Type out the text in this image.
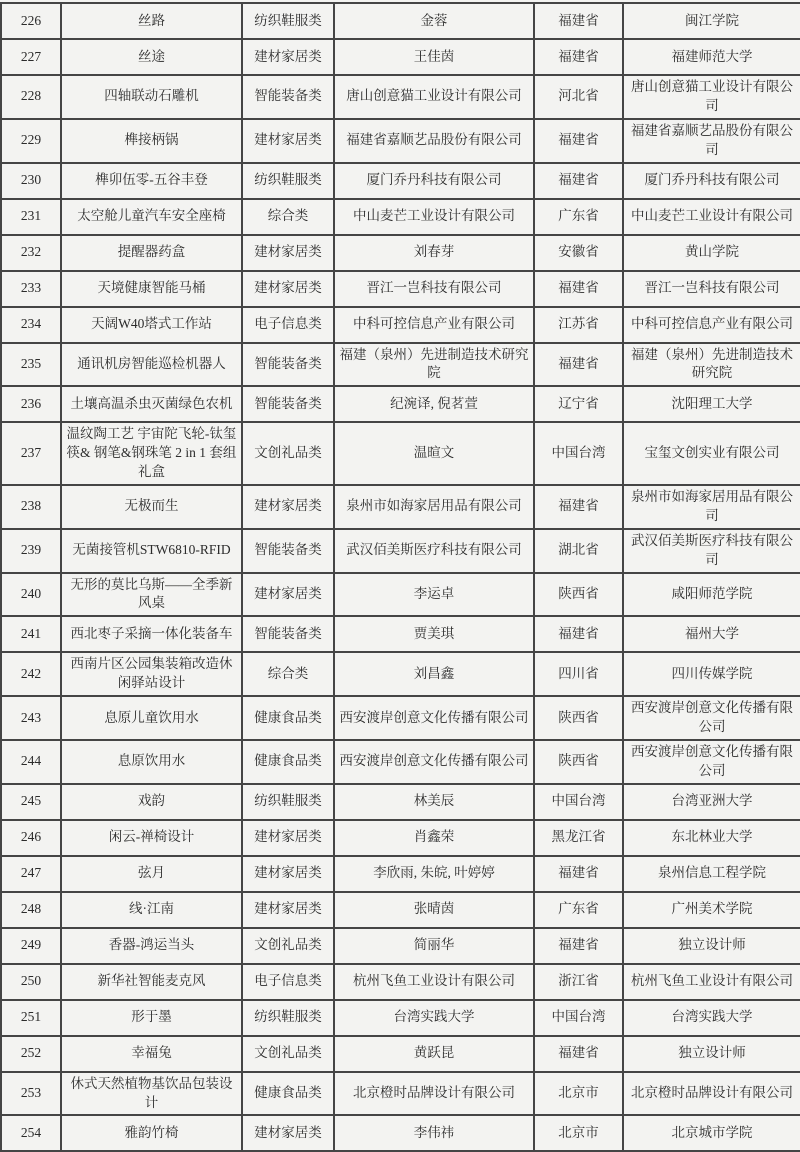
226	丝路	纺织鞋服类	金蓉	福建省	闽江学院
227	丝途	建材家居类	王佳茵	福建省	福建师范大学
228	四轴联动石雕机	智能装备类	唐山创意猫工业设计有限公司	河北省	唐山创意猫工业设计有限公司
229	榫接柄锅	建材家居类	福建省嘉顺艺品股份有限公司	福建省	福建省嘉顺艺品股份有限公司
230	榫卯伍零-五谷丰登	纺织鞋服类	厦门乔丹科技有限公司	福建省	厦门乔丹科技有限公司
231	太空舱儿童汽车安全座椅	综合类	中山麦芒工业设计有限公司	广东省	中山麦芒工业设计有限公司
232	提醒器药盒	建材家居类	刘春芽	安徽省	黄山学院
233	天境健康智能马桶	建材家居类	晋江一岂科技有限公司	福建省	晋江一岂科技有限公司
234	天阔W40塔式工作站	电子信息类	中科可控信息产业有限公司	江苏省	中科可控信息产业有限公司
235	通讯机房智能巡检机器人	智能装备类	福建（泉州）先进制造技术研究院	福建省	福建（泉州）先进制造技术研究院
236	土壤高温杀虫灭菌绿色农机	智能装备类	纪涴译, 倪茗萱	辽宁省	沈阳理工大学
237	温纹陶工艺 宇宙陀飞轮-钛玺筷& 钢笔&钢珠笔 2 in 1 套组礼盒	文创礼品类	温暄文	中国台湾	宝玺文创实业有限公司
238	无极而生	建材家居类	泉州市如海家居用品有限公司	福建省	泉州市如海家居用品有限公司
239	无菌接管机STW6810-RFID	智能装备类	武汉佰美斯医疗科技有限公司	湖北省	武汉佰美斯医疗科技有限公司
240	无形的莫比乌斯——全季新风桌	建材家居类	李运卓	陕西省	咸阳师范学院
241	西北枣子采摘一体化装备车	智能装备类	贾美琪	福建省	福州大学
242	西南片区公园集装箱改造休闲驿站设计	综合类	刘昌鑫	四川省	四川传媒学院
243	息原儿童饮用水	健康食品类	西安渡岸创意文化传播有限公司	陕西省	西安渡岸创意文化传播有限公司
244	息原饮用水	健康食品类	西安渡岸创意文化传播有限公司	陕西省	西安渡岸创意文化传播有限公司
245	戏韵	纺织鞋服类	林美辰	中国台湾	台湾亚洲大学
246	闲云-禅椅设计	建材家居类	肖鑫荣	黑龙江省	东北林业大学
247	弦月	建材家居类	李欣雨, 朱皖, 叶婷婷	福建省	泉州信息工程学院
248	线·江南	建材家居类	张晴茵	广东省	广州美术学院
249	香器-鸿运当头	文创礼品类	简丽华	福建省	独立设计师
250	新华社智能麦克风	电子信息类	杭州飞鱼工业设计有限公司	浙江省	杭州飞鱼工业设计有限公司
251	形于墨	纺织鞋服类	台湾实践大学	中国台湾	台湾实践大学
252	幸福兔	文创礼品类	黄跃昆	福建省	独立设计师
253	休式天然植物基饮品包装设计	健康食品类	北京橙时品牌设计有限公司	北京市	北京橙时品牌设计有限公司
254	雅韵竹椅	建材家居类	李伟祎	北京市	北京城市学院
